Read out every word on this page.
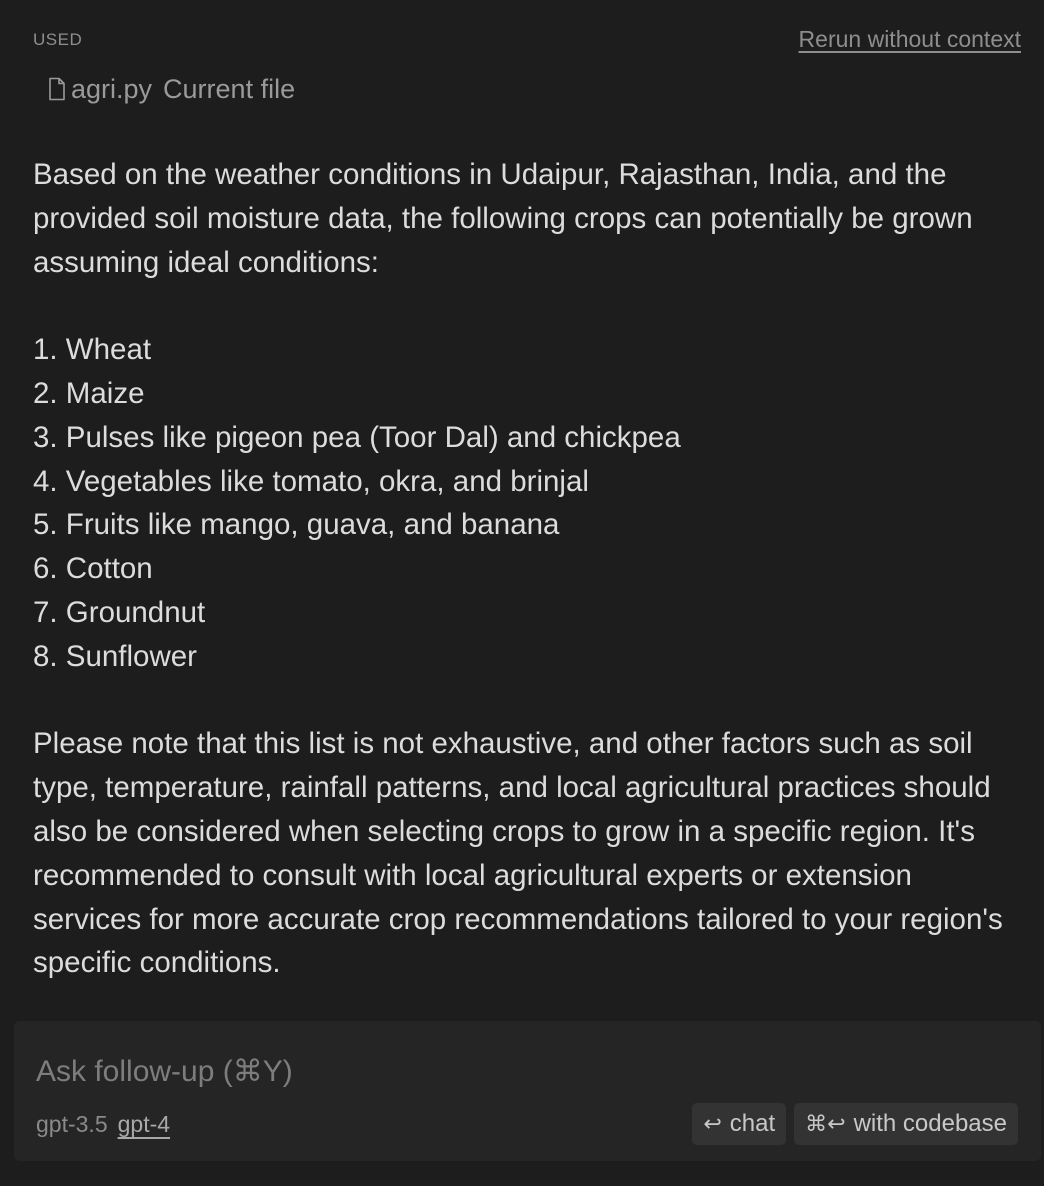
USED	Rerun without context
agri.py Current file

Based on the weather conditions in Udaipur, Rajasthan, India, and the provided soil moisture data, the following crops can potentially be grown assuming ideal conditions:

1. Wheat
2. Maize
3. Pulses like pigeon pea (Toor Dal) and chickpea
4. Vegetables like tomato, okra, and brinjal
5. Fruits like mango, guava, and banana
6. Cotton
7. Groundnut
8. Sunflower

Please note that this list is not exhaustive, and other factors such as soil type, temperature, rainfall patterns, and local agricultural practices should also be considered when selecting crops to grow in a specific region. It's recommended to consult with local agricultural experts or extension services for more accurate crop recommendations tailored to your region's specific conditions.

Ask follow-up (⌘Y)
gpt-3.5 gpt-4	↩ chat ⌘↩ with codebase
